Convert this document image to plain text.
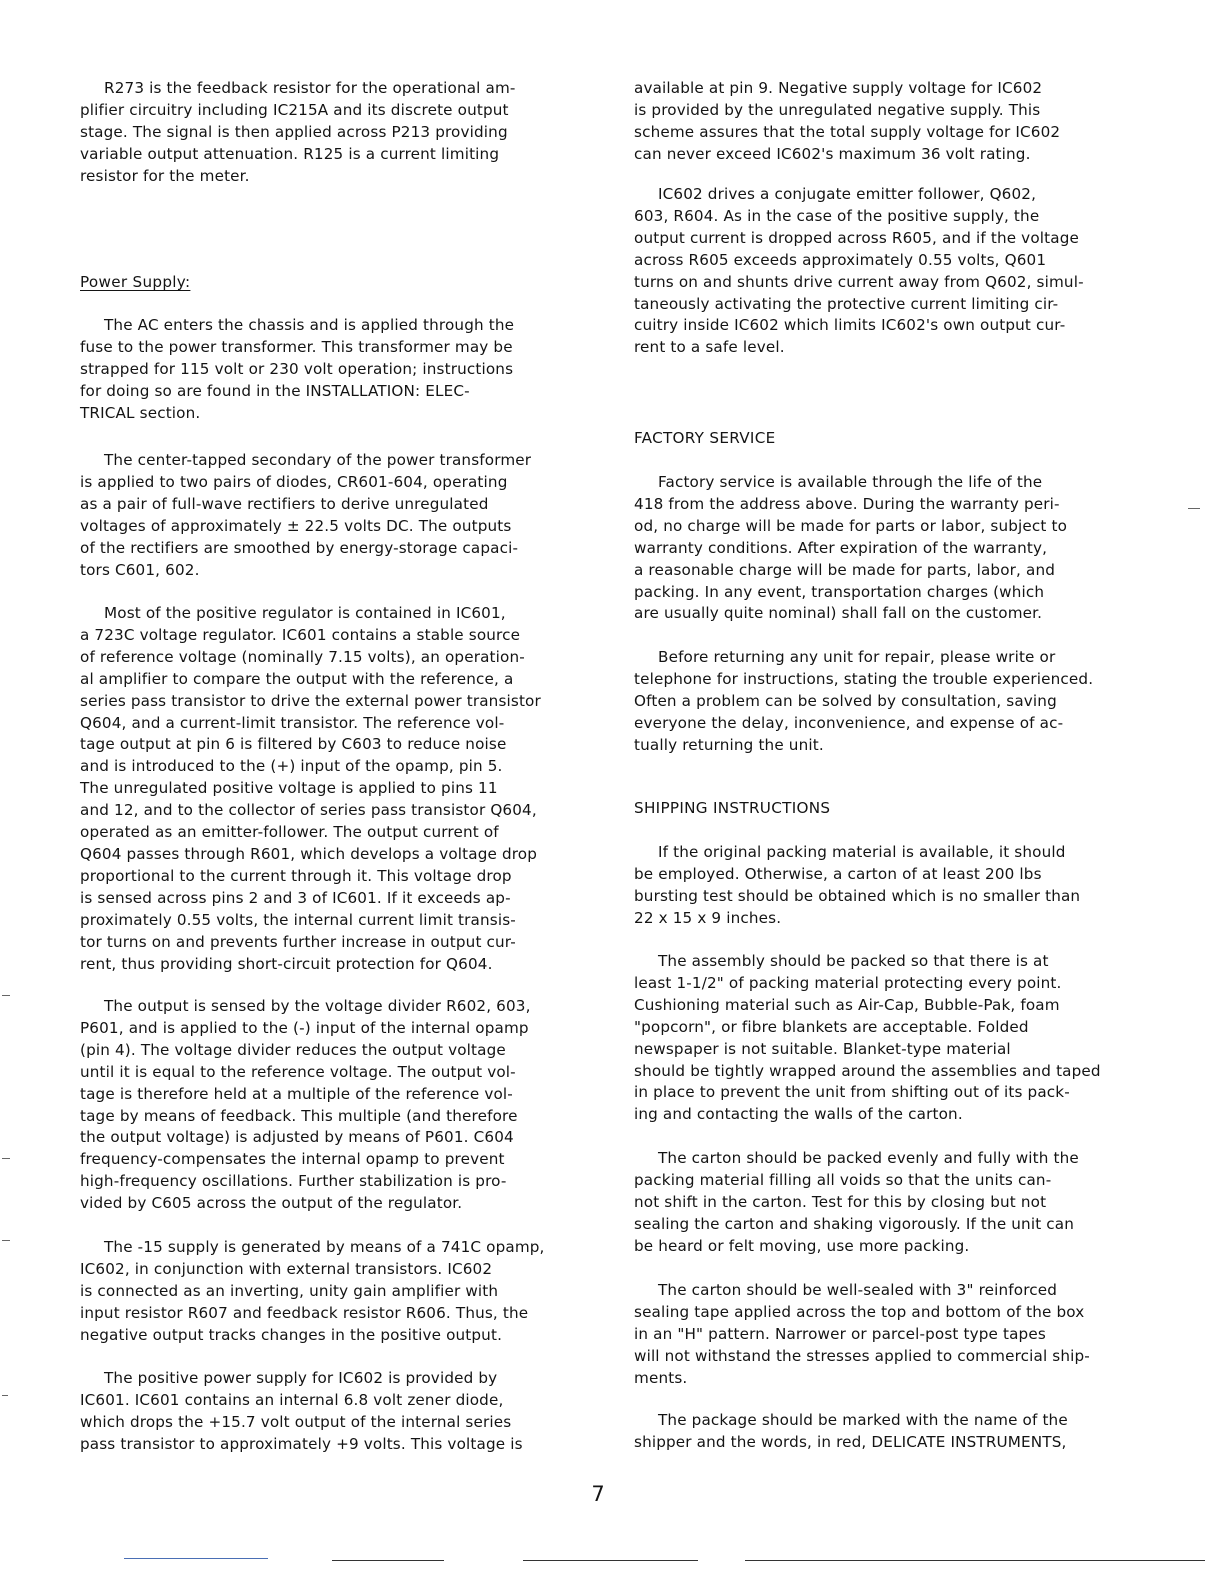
R273 is the feedback resistor for the operational am-
plifier circuitry including IC215A and its discrete output
stage. The signal is then applied across P213 providing
variable output attenuation. R125 is a current limiting
resistor for the meter.

Power Supply:

The AC enters the chassis and is applied through the
fuse to the power transformer. This transformer may be
strapped for 115 volt or 230 volt operation; instructions
for doing so are found in the INSTALLATION: ELEC-
TRICAL section.

The center-tapped secondary of the power transformer
is applied to two pairs of diodes, CR601-604, operating
as a pair of full-wave rectifiers to derive unregulated
voltages of approximately ± 22.5 volts DC. The outputs
of the rectifiers are smoothed by energy-storage capaci-
tors C601, 602.

Most of the positive regulator is contained in IC601,
a 723C voltage regulator. IC601 contains a stable source
of reference voltage (nominally 7.15 volts), an operation-
al amplifier to compare the output with the reference, a
series pass transistor to drive the external power transistor
Q604, and a current-limit transistor. The reference vol-
tage output at pin 6 is filtered by C603 to reduce noise
and is introduced to the (+) input of the opamp, pin 5.
The unregulated positive voltage is applied to pins 11
and 12, and to the collector of series pass transistor Q604,
operated as an emitter-follower. The output current of
Q604 passes through R601, which develops a voltage drop
proportional to the current through it. This voltage drop
is sensed across pins 2 and 3 of IC601. If it exceeds ap-
proximately 0.55 volts, the internal current limit transis-
tor turns on and prevents further increase in output cur-
rent, thus providing short-circuit protection for Q604.

The output is sensed by the voltage divider R602, 603,
P601, and is applied to the (-) input of the internal opamp
(pin 4). The voltage divider reduces the output voltage
until it is equal to the reference voltage. The output vol-
tage is therefore held at a multiple of the reference vol-
tage by means of feedback. This multiple (and therefore
the output voltage) is adjusted by means of P601. C604
frequency-compensates the internal opamp to prevent
high-frequency oscillations. Further stabilization is pro-
vided by C605 across the output of the regulator.

The -15 supply is generated by means of a 741C opamp,
IC602, in conjunction with external transistors. IC602
is connected as an inverting, unity gain amplifier with
input resistor R607 and feedback resistor R606. Thus, the
negative output tracks changes in the positive output.

The positive power supply for IC602 is provided by
IC601. IC601 contains an internal 6.8 volt zener diode,
which drops the +15.7 volt output of the internal series
pass transistor to approximately +9 volts. This voltage is

available at pin 9. Negative supply voltage for IC602
is provided by the unregulated negative supply. This
scheme assures that the total supply voltage for IC602
can never exceed IC602's maximum 36 volt rating.

IC602 drives a conjugate emitter follower, Q602,
603, R604. As in the case of the positive supply, the
output current is dropped across R605, and if the voltage
across R605 exceeds approximately 0.55 volts, Q601
turns on and shunts drive current away from Q602, simul-
taneously activating the protective current limiting cir-
cuitry inside IC602 which limits IC602's own output cur-
rent to a safe level.

FACTORY SERVICE

Factory service is available through the life of the
418 from the address above. During the warranty peri-
od, no charge will be made for parts or labor, subject to
warranty conditions. After expiration of the warranty,
a reasonable charge will be made for parts, labor, and
packing. In any event, transportation charges (which
are usually quite nominal) shall fall on the customer.

Before returning any unit for repair, please write or
telephone for instructions, stating the trouble experienced.
Often a problem can be solved by consultation, saving
everyone the delay, inconvenience, and expense of ac-
tually returning the unit.

SHIPPING INSTRUCTIONS

If the original packing material is available, it should
be employed. Otherwise, a carton of at least 200 lbs
bursting test should be obtained which is no smaller than
22 x 15 x 9 inches.

The assembly should be packed so that there is at
least 1-1/2" of packing material protecting every point.
Cushioning material such as Air-Cap, Bubble-Pak, foam
"popcorn", or fibre blankets are acceptable. Folded
newspaper is not suitable. Blanket-type material
should be tightly wrapped around the assemblies and taped
in place to prevent the unit from shifting out of its pack-
ing and contacting the walls of the carton.

The carton should be packed evenly and fully with the
packing material filling all voids so that the units can-
not shift in the carton. Test for this by closing but not
sealing the carton and shaking vigorously. If the unit can
be heard or felt moving, use more packing.

The carton should be well-sealed with 3" reinforced
sealing tape applied across the top and bottom of the box
in an "H" pattern. Narrower or parcel-post type tapes
will not withstand the stresses applied to commercial ship-
ments.

The package should be marked with the name of the
shipper and the words, in red, DELICATE INSTRUMENTS,

7
